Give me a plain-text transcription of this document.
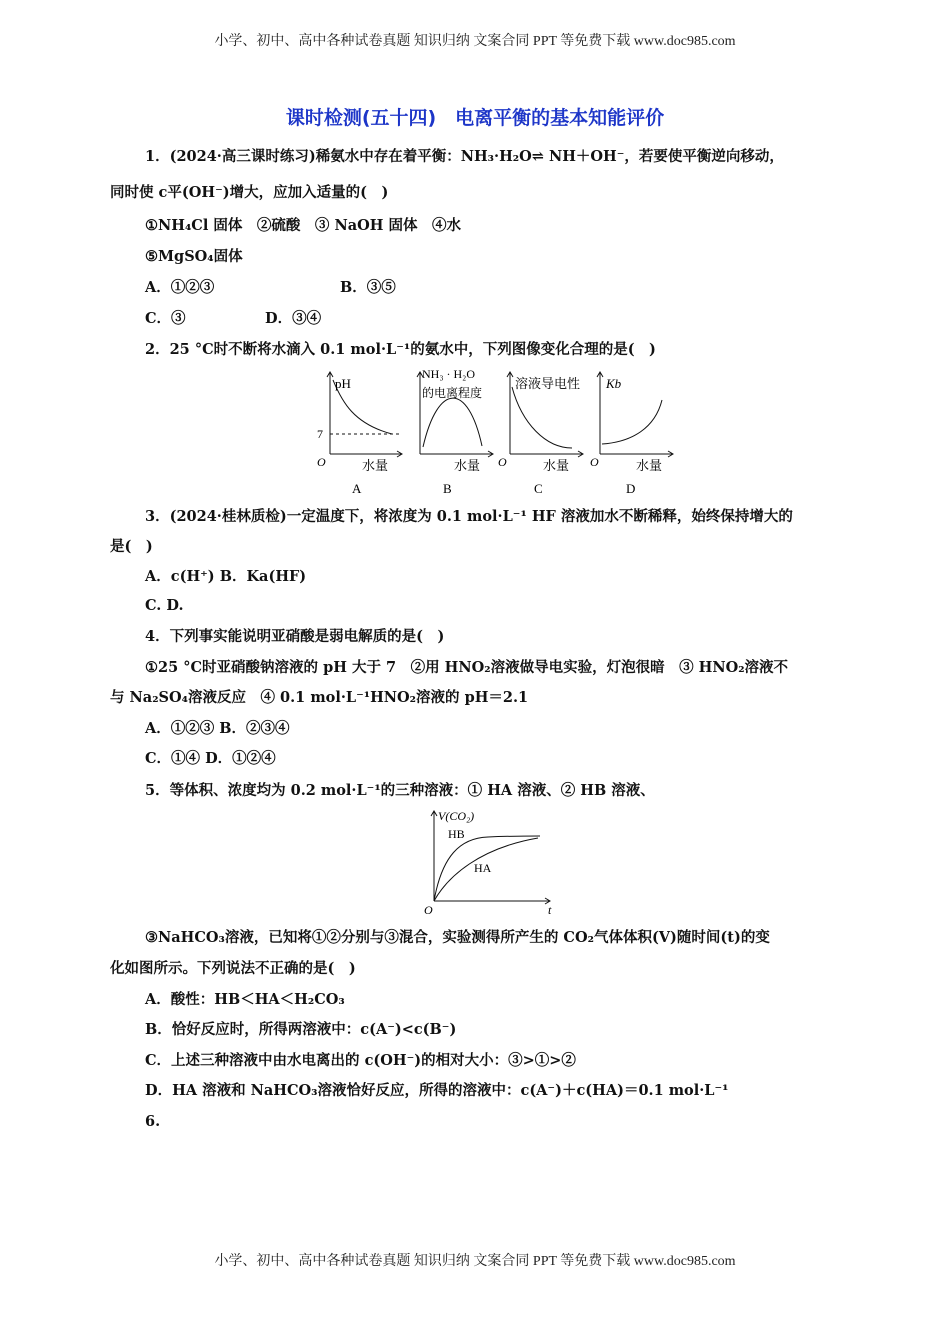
小学、初中、高中各种试卷真题 知识归纳 文案合同 PPT 等免费下载 www.doc985.com
课时检测(五十四)　电离平衡的基本知能评价
1．(2024·高三课时练习)稀氨水中存在着平衡：NH₃·H₂O⇌ NH＋OH⁻，若要使平衡逆向移动，
同时使 c平(OH⁻)增大，应加入适量的(　)
①NH₄Cl 固体　②硫酸　③ NaOH 固体　④水
⑤MgSO₄固体
A．①②③	B．③⑤
C．③	D．③④
2．25 °C时不断将水滴入 0.1 mol·L⁻¹的氨水中，下列图像变化合理的是(　)
pH
7
O	水量
A
NH₃ · H₂O
的电离程度
水量
B
溶液导电性
O	水量
C
Kb
O	水量
D
3．(2024·桂林质检)一定温度下，将浓度为 0.1 mol·L⁻¹ HF 溶液加水不断稀释，始终保持增大的
是(　)
A．c(H⁺) B．Ka(HF)
C. D.
4．下列事实能说明亚硝酸是弱电解质的是(　)
①25 °C时亚硝酸钠溶液的 pH 大于 7　②用 HNO₂溶液做导电实验，灯泡很暗　③ HNO₂溶液不
与 Na₂SO₄溶液反应　④ 0.1 mol·L⁻¹HNO₂溶液的 pH＝2.1
A．①②③ B．②③④
C．①④ D．①②④
5．等体积、浓度均为 0.2 mol·L⁻¹的三种溶液：① HA 溶液、② HB 溶液、
V(CO₂)
HB
HA
O	t
③NaHCO₃溶液，已知将①②分别与③混合，实验测得所产生的 CO₂气体体积(V)随时间(t)的变
化如图所示。下列说法不正确的是(　)
A．酸性：HB＜HA＜H₂CO₃
B．恰好反应时，所得两溶液中：c(A⁻)<c(B⁻)
C．上述三种溶液中由水电离出的 c(OH⁻)的相对大小：③>①>②
D．HA 溶液和 NaHCO₃溶液恰好反应，所得的溶液中：c(A⁻)＋c(HA)＝0.1 mol·L⁻¹
6.
小学、初中、高中各种试卷真题 知识归纳 文案合同 PPT 等免费下载 www.doc985.com
